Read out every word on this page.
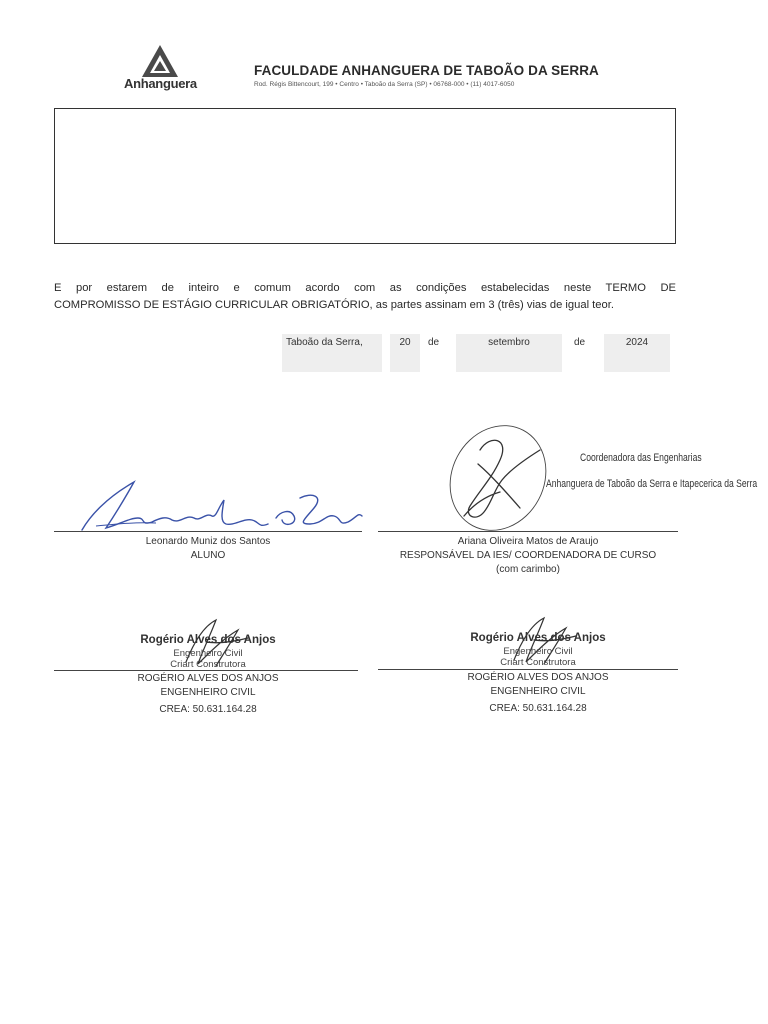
Anhanguera
FACULDADE ANHANGUERA DE TABOÃO DA SERRA
Rod. Régis Bittencourt, 199 • Centro • Taboão da Serra (SP) • 06768-000 • (11) 4017-6050
E por estarem de inteiro e comum acordo com as condições estabelecidas neste TERMO DE
COMPROMISSO DE ESTÁGIO CURRICULAR OBRIGATÓRIO, as partes assinam em 3 (três) vias de igual teor.
Taboão da Serra,	20	de	setembro	de	2024
Leonardo Muniz dos Santos
ALUNO
Coordenadora das Engenharias
Anhanguera de Taboão da Serra e Itapecerica da Serra
Ariana Oliveira Matos de Araujo
RESPONSÁVEL DA IES/ COORDENADORA DE CURSO
(com carimbo)
Rogério Alves dos Anjos
Engenheiro Civil
Criart Construtora
ROGÉRIO ALVES DOS ANJOS
ENGENHEIRO CIVIL
CREA: 50.631.164.28
Rogério Alves dos Anjos
Engenheiro Civil
Criart Construtora
ROGÉRIO ALVES DOS ANJOS
ENGENHEIRO CIVIL
CREA: 50.631.164.28
